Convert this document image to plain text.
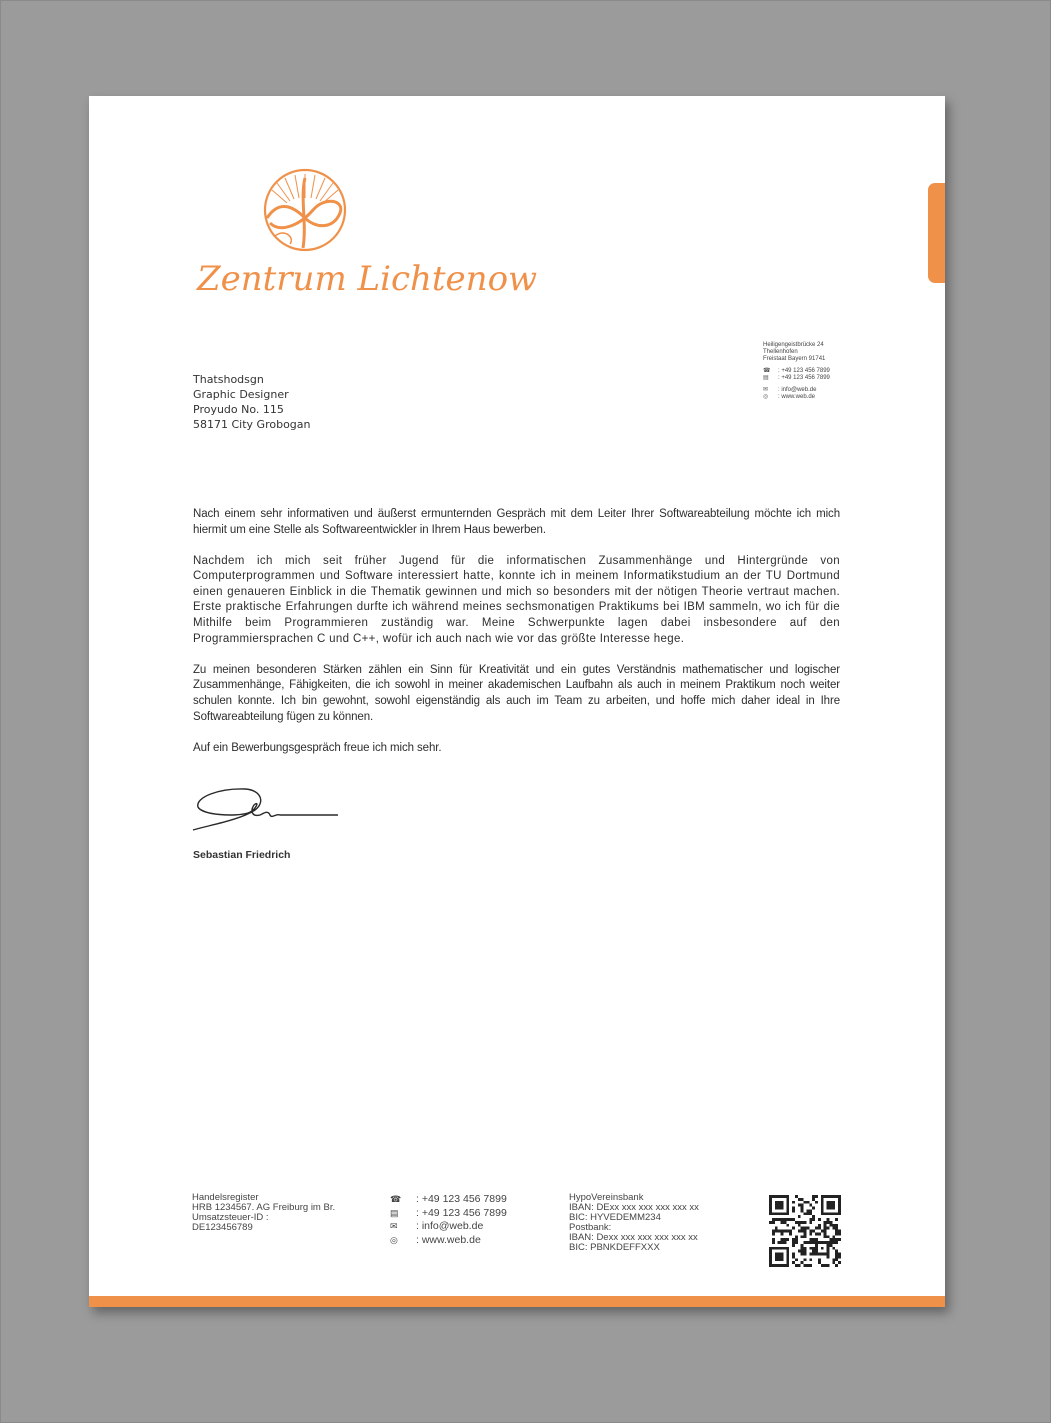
Zentrum Lichtenow
Thatshodsgn
Graphic Designer
Proyudo No. 115
58171 City Grobogan
Heiligengeistbrücke 24
Thellenhofen
Freistaat Bayern 91741
☎	: +49 123 456 7899
▤	: +49 123 456 7899
✉	: info@web.de
◎	: www.web.de

Nach einem sehr informativen und äußerst ermunternden Gespräch mit dem Leiter Ihrer Softwareabteilung möchte ich mich hiermit um eine Stelle als Softwareentwickler in Ihrem Haus bewerben.

Nachdem ich mich seit früher Jugend für die informatischen Zusammenhänge und Hintergründe von Computerprogrammen und Software interessiert hatte, konnte ich in meinem Informatikstudium an der TU Dortmund einen genaueren Einblick in die Thematik gewinnen und mich so besonders mit der nötigen Theorie vertraut machen. Erste praktische Erfahrungen durfte ich während meines sechsmonatigen Praktikums bei IBM sammeln, wo ich für die Mithilfe beim Programmieren zuständig war. Meine Schwerpunkte lagen dabei insbesondere auf den Programmiersprachen C und C++, wofür ich auch nach wie vor das größte Interesse hege.

Zu meinen besonderen Stärken zählen ein Sinn für Kreativität und ein gutes Verständnis mathematischer und logischer Zusammenhänge, Fähigkeiten, die ich sowohl in meiner akademischen Laufbahn als auch in meinem Praktikum noch weiter schulen konnte. Ich bin gewohnt, sowohl eigenständig als auch im Team zu arbeiten, und hoffe mich daher ideal in Ihre Softwareabteilung fügen zu können.

Auf ein Bewerbungsgespräch freue ich mich sehr.

Sebastian Friedrich
Handelsregister
HRB 1234567. AG Freiburg im Br.
Umsatzsteuer-ID :
DE123456789
☎	: +49 123 456 7899
▤	: +49 123 456 7899
✉	: info@web.de
◎	: www.web.de
HypoVereinsbank
IBAN: DExx xxx xxx xxx xxx xx
BIC: HYVEDEMM234
Postbank:
IBAN: Dexx xxx xxx xxx xxx xx
BIC: PBNKDEFFXXX
